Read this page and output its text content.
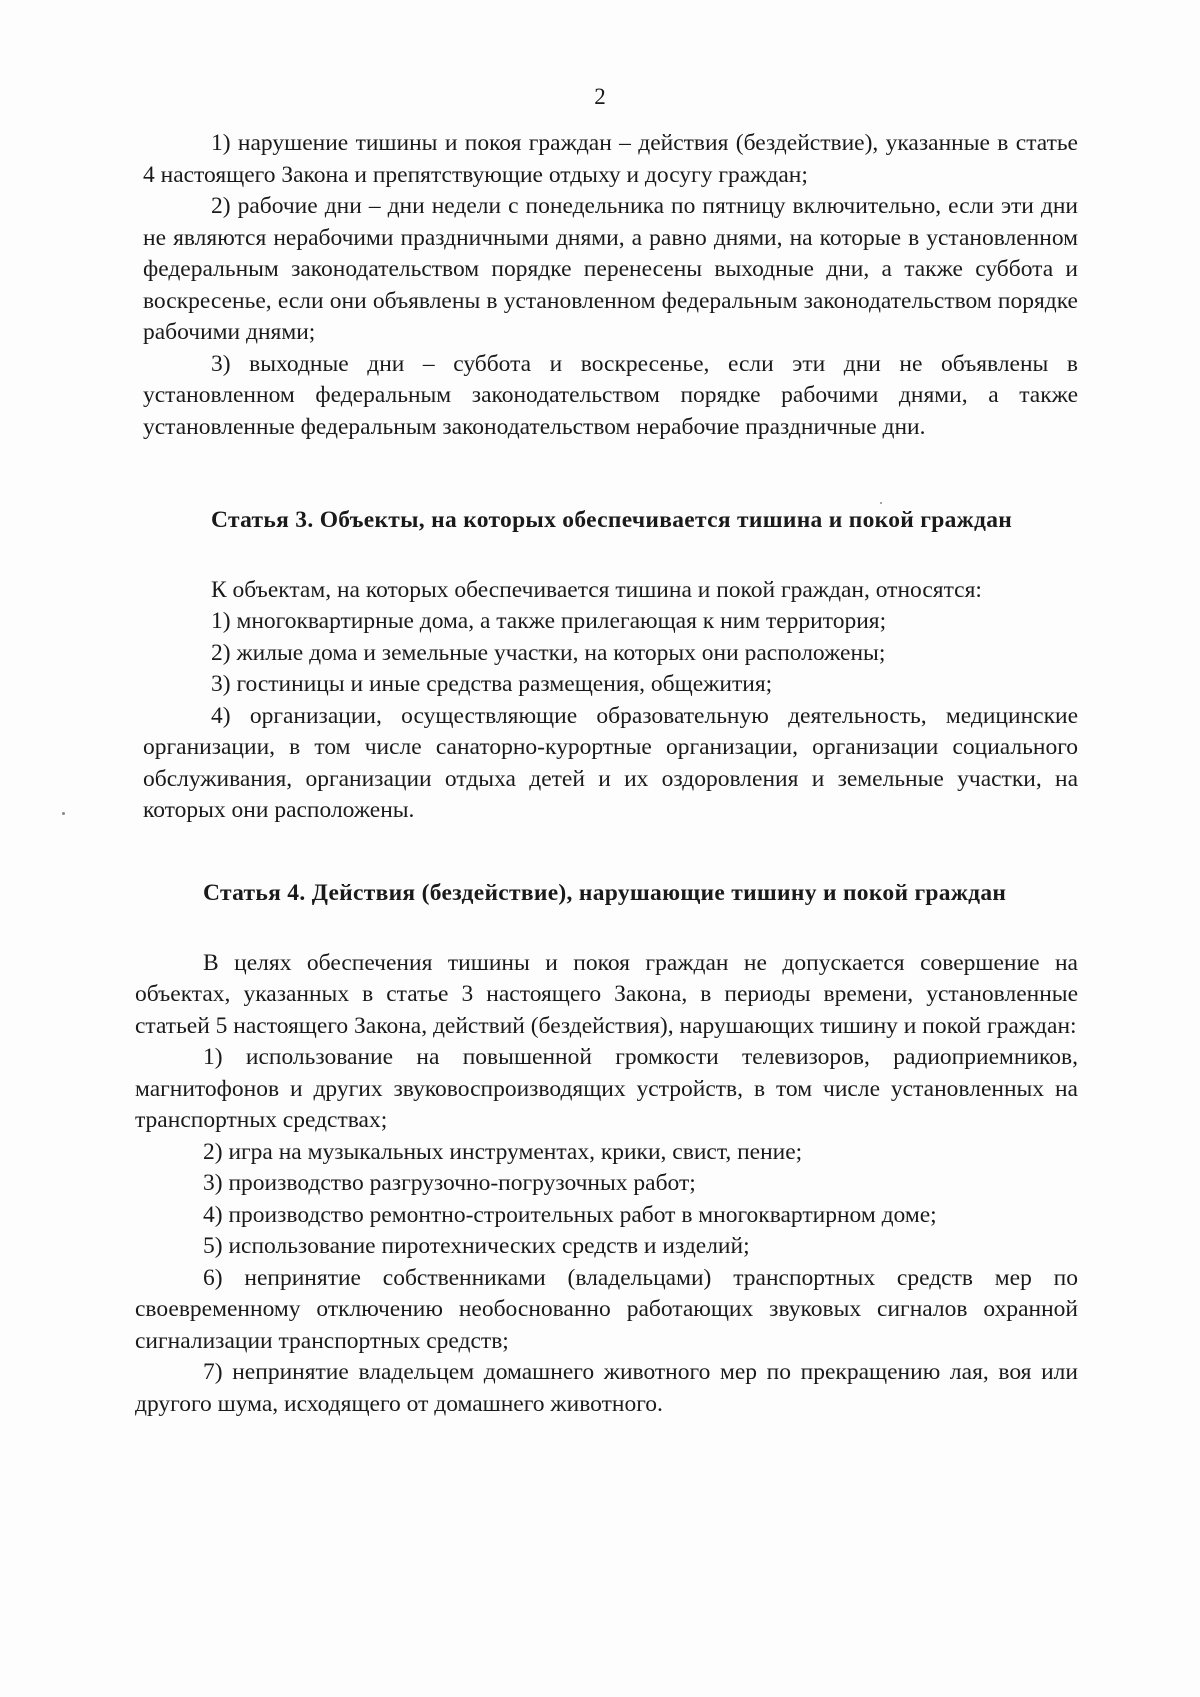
2

1) нарушение тишины и покоя граждан – действия (бездействие), указанные в статье 4 настоящего Закона и препятствующие отдыху и досугу граждан;

2) рабочие дни – дни недели с понедельника по пятницу включительно, если эти дни не являются нерабочими праздничными днями, а равно днями, на которые в установленном федеральным законодательством порядке перенесены выходные дни, а также суббота и воскресенье, если они объявлены в установленном федеральным законодательством порядке рабочими днями;

3) выходные дни – суббота и воскресенье, если эти дни не объявлены в установленном федеральным законодательством порядке рабочими днями, а также установленные федеральным законодательством нерабочие праздничные дни.

Статья 3. Объекты, на которых обеспечивается тишина и покой граждан

К объектам, на которых обеспечивается тишина и покой граждан, относятся:

1) многоквартирные дома, а также прилегающая к ним территория;

2) жилые дома и земельные участки, на которых они расположены;

3) гостиницы и иные средства размещения, общежития;

4) организации, осуществляющие образовательную деятельность, медицинские организации, в том числе санаторно-курортные организации, организации социального обслуживания, организации отдыха детей и их оздоровления и земельные участки, на которых они расположены.

Статья 4. Действия (бездействие), нарушающие тишину и покой граждан

В целях обеспечения тишины и покоя граждан не допускается совершение на объектах, указанных в статье 3 настоящего Закона, в периоды времени, установленные статьей 5 настоящего Закона, действий (бездействия), нарушающих тишину и покой граждан:

1) использование на повышенной громкости телевизоров, радиоприемников, магнитофонов и других звуковоспроизводящих устройств, в том числе установленных на транспортных средствах;

2) игра на музыкальных инструментах, крики, свист, пение;

3) производство разгрузочно-погрузочных работ;

4) производство ремонтно-строительных работ в многоквартирном доме;

5) использование пиротехнических средств и изделий;

6) непринятие собственниками (владельцами) транспортных средств мер по своевременному отключению необоснованно работающих звуковых сигналов охранной сигнализации транспортных средств;

7) непринятие владельцем домашнего животного мер по прекращению лая, воя или другого шума, исходящего от домашнего животного.
